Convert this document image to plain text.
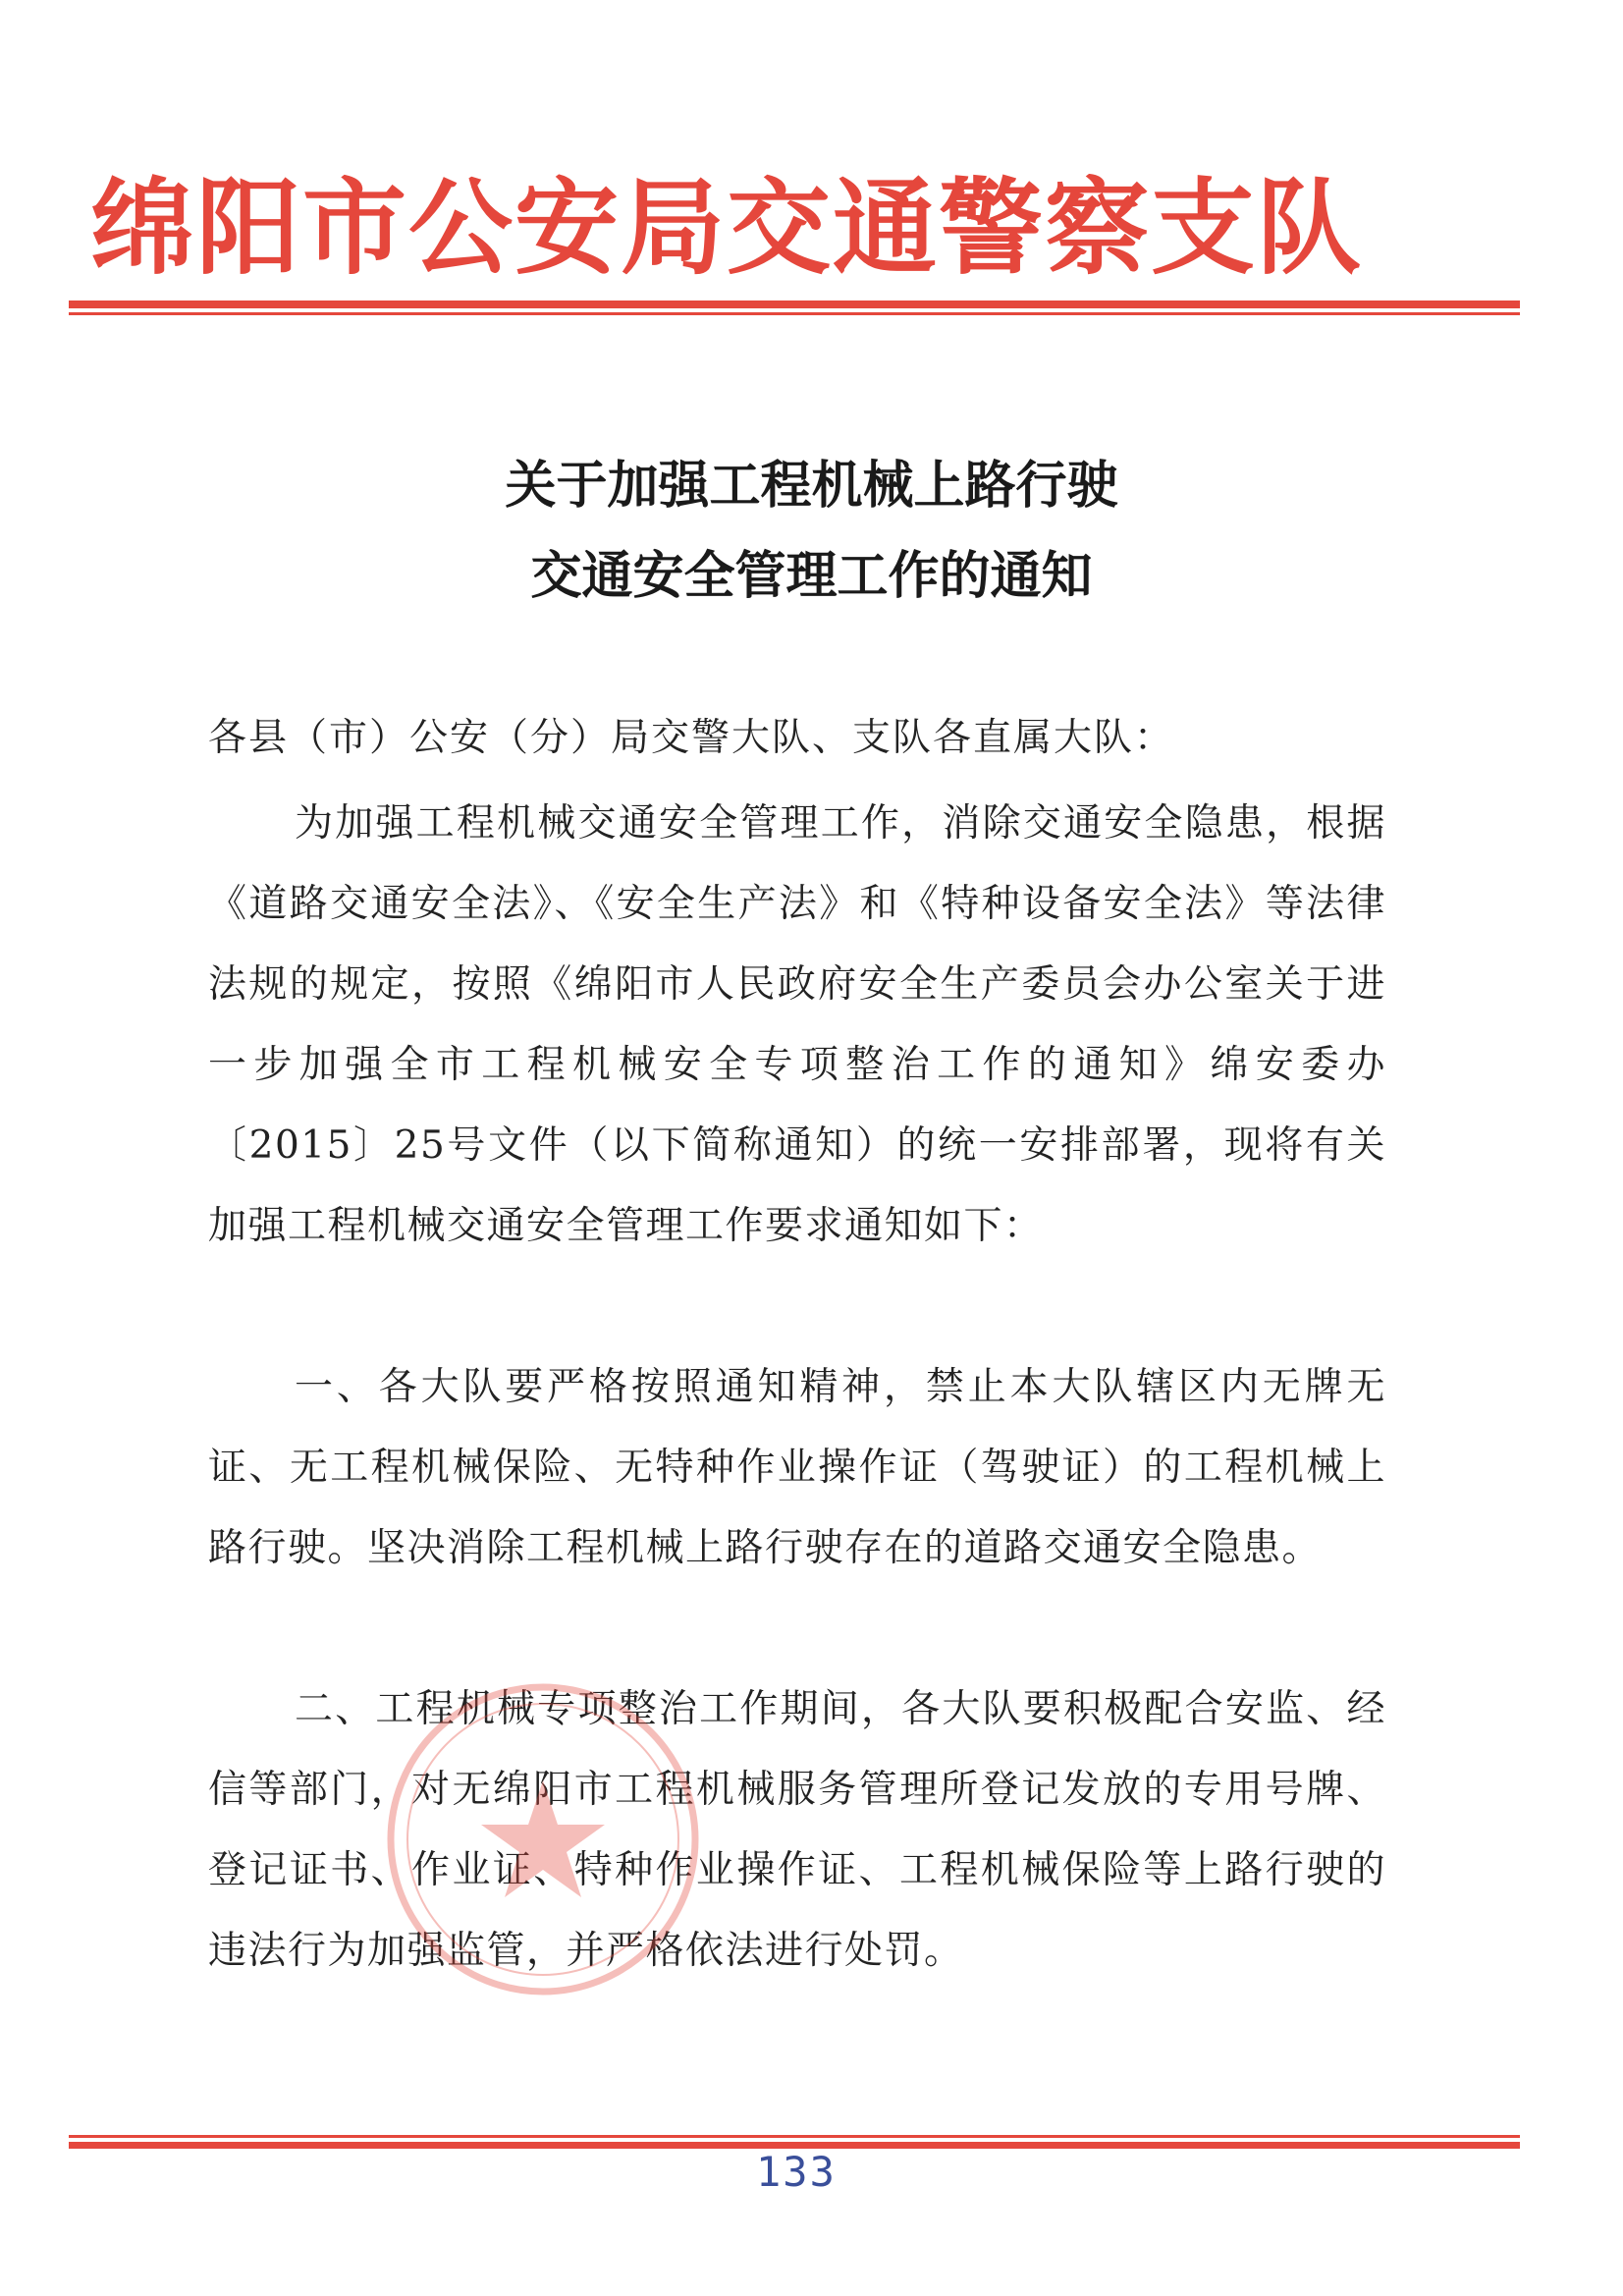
绵阳市公安局交通警察支队
关于加强工程机械上路行驶
交通安全管理工作的通知
各县（市）公安（分）局交警大队、支队各直属大队：
为加强工程机械交通安全管理工作，消除交通安全隐患，根据《道路交通安全法》、《安全生产法》和《特种设备安全法》等法律法规的规定，按照《绵阳市人民政府安全生产委员会办公室关于进一步加强全市工程机械安全专项整治工作的通知》绵安委办〔2015〕25号文件（以下简称通知）的统一安排部署，现将有关加强工程机械交通安全管理工作要求通知如下：
一、各大队要严格按照通知精神，禁止本大队辖区内无牌无证、无工程机械保险、无特种作业操作证（驾驶证）的工程机械上路行驶。坚决消除工程机械上路行驶存在的道路交通安全隐患。
二、工程机械专项整治工作期间，各大队要积极配合安监、经信等部门，对无绵阳市工程机械服务管理所登记发放的专用号牌、登记证书、作业证、特种作业操作证、工程机械保险等上路行驶的违法行为加强监管，并严格依法进行处罚。
133
